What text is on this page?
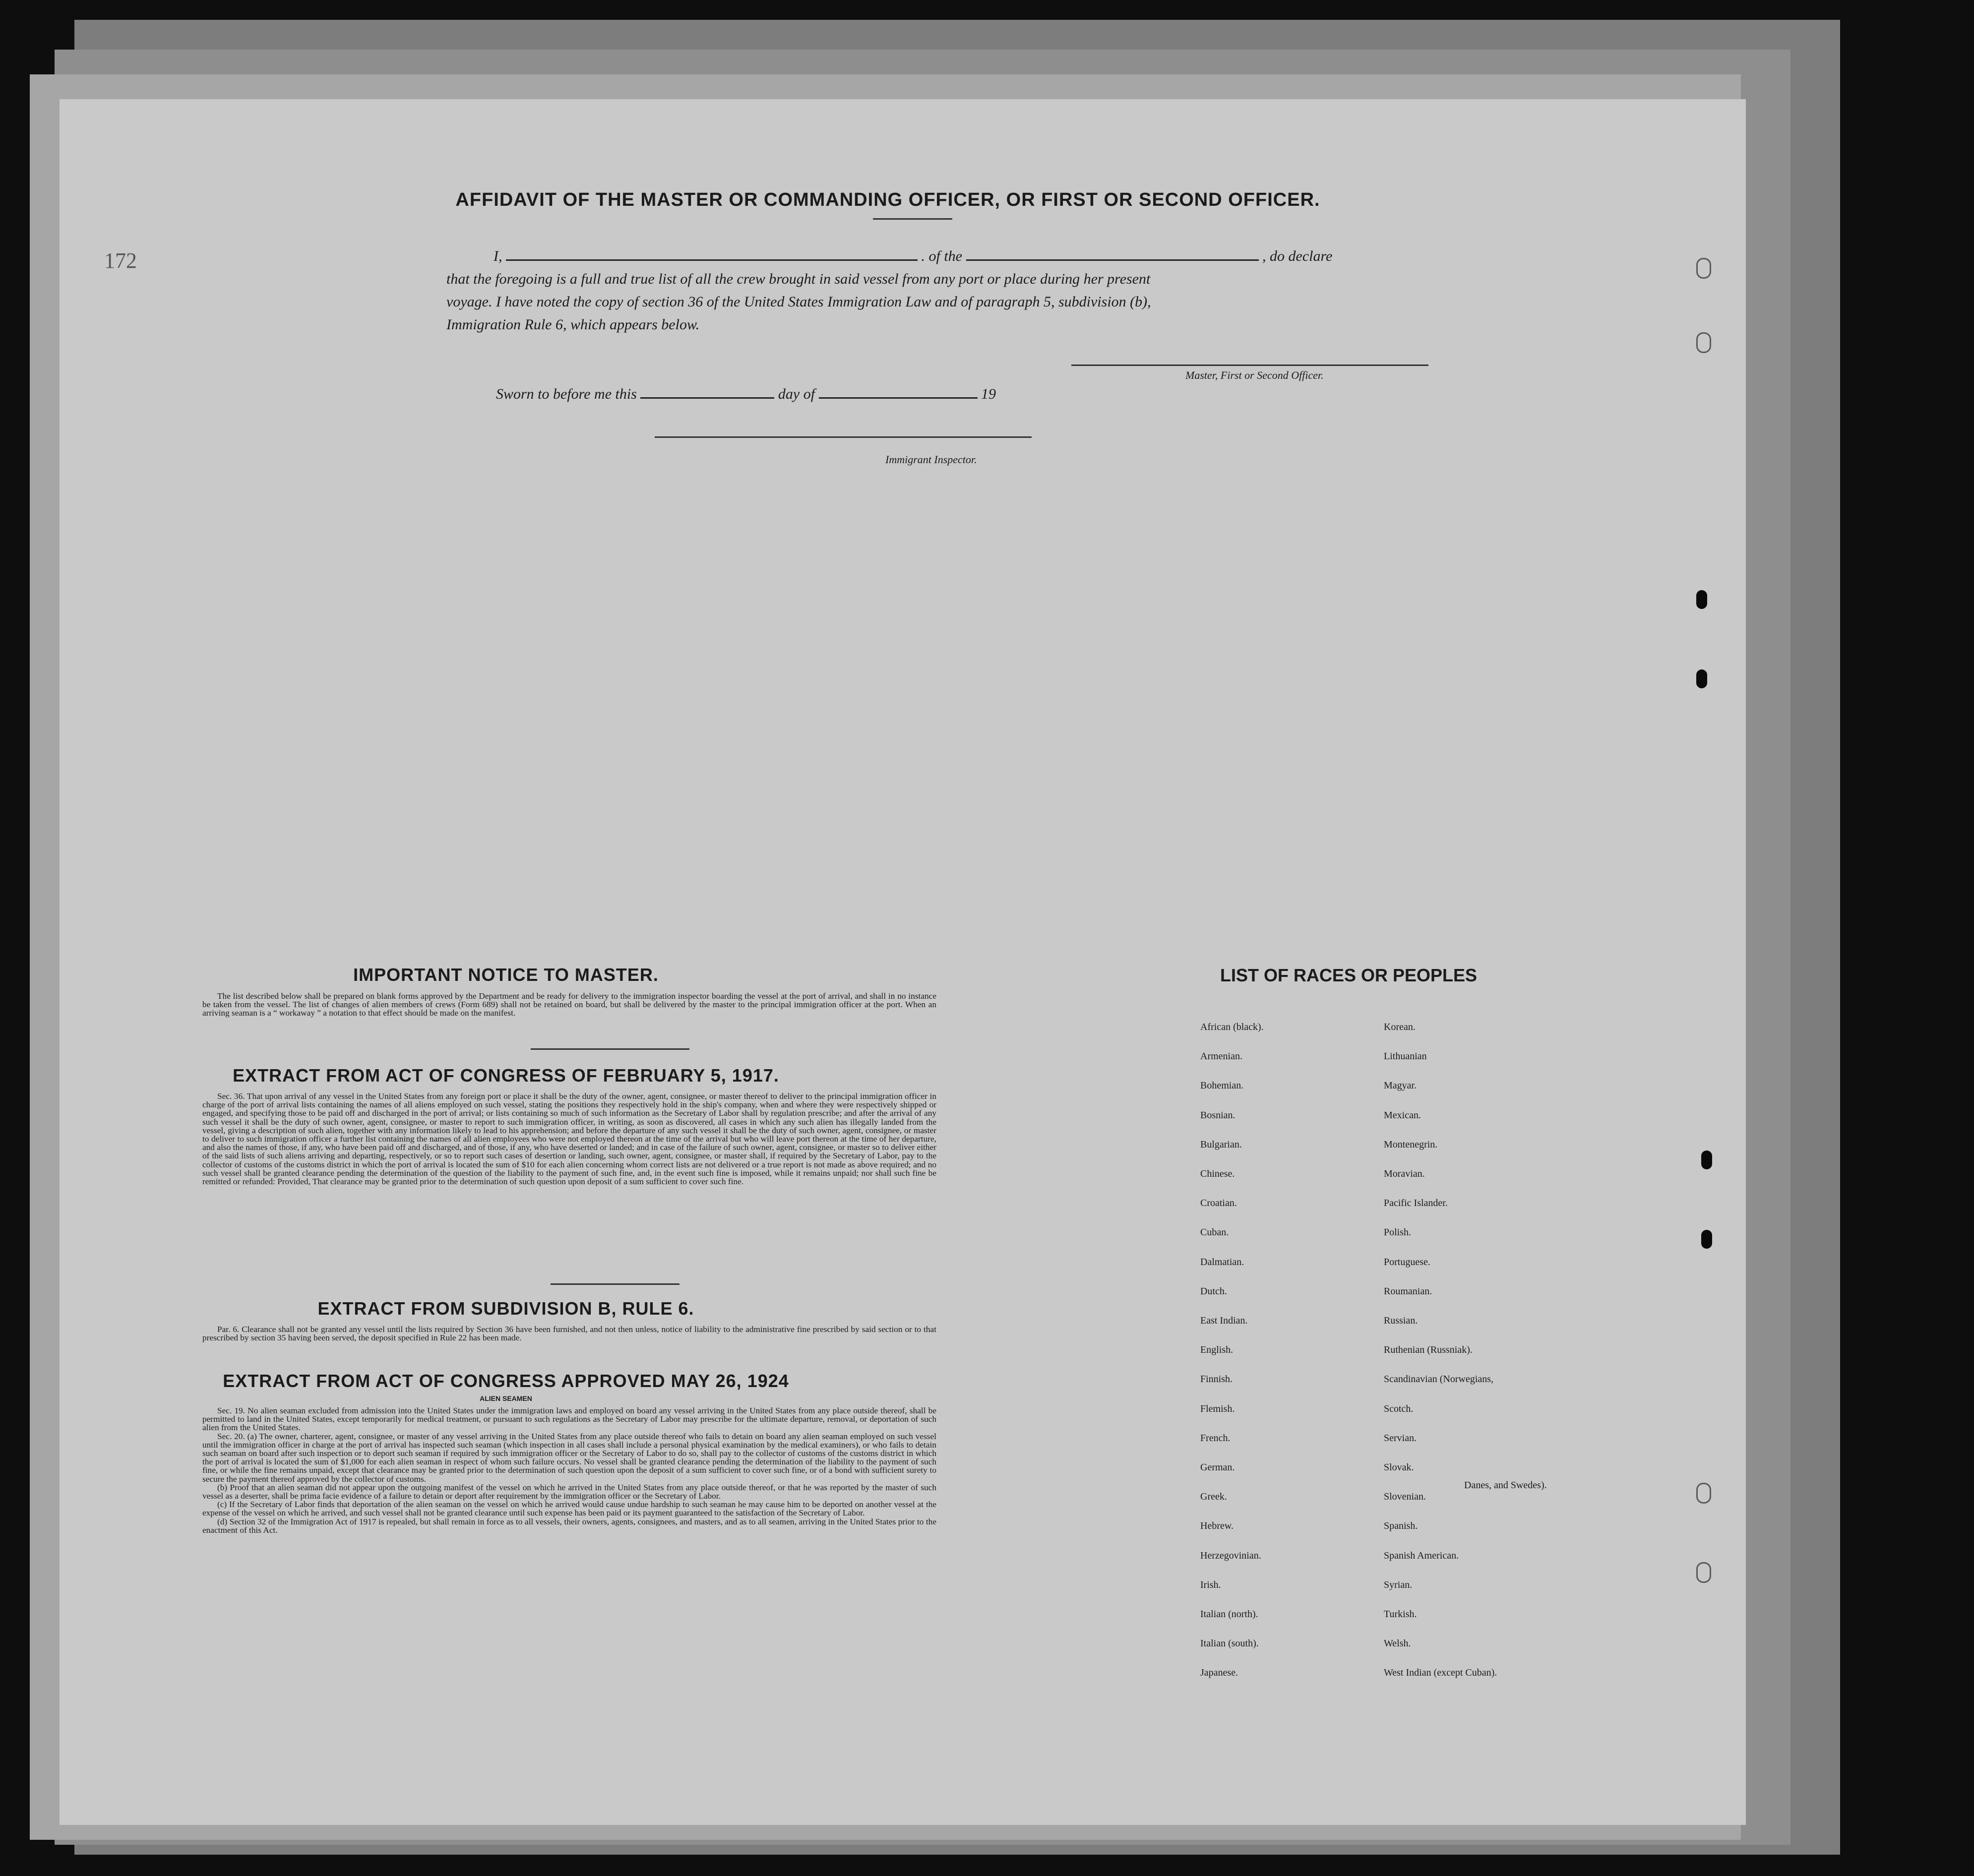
172
AFFIDAVIT OF THE MASTER OR COMMANDING OFFICER, OR FIRST OR SECOND OFFICER.
I,	. of the	, do declare
that the foregoing is a full and true list of all the crew brought in said vessel from any port or place during her present
voyage. I have noted the copy of section 36 of the United States Immigration Law and of paragraph 5, subdivision (b),
Immigration Rule 6, which appears below.
Master, First or Second Officer.
Sworn to before me this	day of	19
Immigrant Inspector.
IMPORTANT NOTICE TO MASTER.

The list described below shall be prepared on blank forms approved by the Department and be ready for delivery to the immigration inspector boarding the vessel at the port of arrival, and shall in no instance be taken from the vessel. The list of changes of alien members of crews (Form 689) shall not be retained on board, but shall be delivered by the master to the principal immigration officer at the port. When an arriving seaman is a “ workaway ” a notation to that effect should be made on the manifest.

EXTRACT FROM ACT OF CONGRESS OF FEBRUARY 5, 1917.

Sec. 36. That upon arrival of any vessel in the United States from any foreign port or place it shall be the duty of the owner, agent, consignee, or master thereof to deliver to the principal immigration officer in charge of the port of arrival lists containing the names of all aliens employed on such vessel, stating the positions they respectively hold in the ship's company, when and where they were respectively shipped or engaged, and specifying those to be paid off and discharged in the port of arrival; or lists containing so much of such information as the Secretary of Labor shall by regulation prescribe; and after the arrival of any such vessel it shall be the duty of such owner, agent, consignee, or master to report to such immigration officer, in writing, as soon as discovered, all cases in which any such alien has illegally landed from the vessel, giving a description of such alien, together with any information likely to lead to his apprehension; and before the departure of any such vessel it shall be the duty of such owner, agent, consignee, or master to deliver to such immigration officer a further list containing the names of all alien employees who were not employed thereon at the time of the arrival but who will leave port thereon at the time of her departure, and also the names of those, if any, who have been paid off and discharged, and of those, if any, who have deserted or landed; and in case of the failure of such owner, agent, consignee, or master so to deliver either of the said lists of such aliens arriving and departing, respectively, or so to report such cases of desertion or landing, such owner, agent, consignee, or master shall, if required by the Secretary of Labor, pay to the collector of customs of the customs district in which the port of arrival is located the sum of $10 for each alien concerning whom correct lists are not delivered or a true report is not made as above required; and no such vessel shall be granted clearance pending the determination of the question of the liability to the payment of such fine, and, in the event such fine is imposed, while it remains unpaid; nor shall such fine be remitted or refunded: Provided, That clearance may be granted prior to the determination of such question upon deposit of a sum sufficient to cover such fine.

EXTRACT FROM SUBDIVISION B, RULE 6.

Par. 6. Clearance shall not be granted any vessel until the lists required by Section 36 have been furnished, and not then unless, notice of liability to the administrative fine prescribed by said section or to that prescribed by section 35 having been served, the deposit specified in Rule 22 has been made.

EXTRACT FROM ACT OF CONGRESS APPROVED MAY 26, 1924
ALIEN SEAMEN

Sec. 19. No alien seaman excluded from admission into the United States under the immigration laws and employed on board any vessel arriving in the United States from any place outside thereof, shall be permitted to land in the United States, except temporarily for medical treatment, or pursuant to such regulations as the Secretary of Labor may prescribe for the ultimate departure, removal, or deportation of such alien from the United States.

Sec. 20. (a) The owner, charterer, agent, consignee, or master of any vessel arriving in the United States from any place outside thereof who fails to detain on board any alien seaman employed on such vessel until the immigration officer in charge at the port of arrival has inspected such seaman (which inspection in all cases shall include a personal physical examination by the medical examiners), or who fails to detain such seaman on board after such inspection or to deport such seaman if required by such immigration officer or the Secretary of Labor to do so, shall pay to the collector of customs of the customs district in which the port of arrival is located the sum of $1,000 for each alien seaman in respect of whom such failure occurs. No vessel shall be granted clearance pending the determination of the liability to the payment of such fine, or while the fine remains unpaid, except that clearance may be granted prior to the determination of such question upon the deposit of a sum sufficient to cover such fine, or of a bond with sufficient surety to secure the payment thereof approved by the collector of customs.

(b) Proof that an alien seaman did not appear upon the outgoing manifest of the vessel on which he arrived in the United States from any place outside thereof, or that he was reported by the master of such vessel as a deserter, shall be prima facie evidence of a failure to detain or deport after requirement by the immigration officer or the Secretary of Labor.

(c) If the Secretary of Labor finds that deportation of the alien seaman on the vessel on which he arrived would cause undue hardship to such seaman he may cause him to be deported on another vessel at the expense of the vessel on which he arrived, and such vessel shall not be granted clearance until such expense has been paid or its payment guaranteed to the satisfaction of the Secretary of Labor.

(d) Section 32 of the Immigration Act of 1917 is repealed, but shall remain in force as to all vessels, their owners, agents, consignees, and masters, and as to all seamen, arriving in the United States prior to the enactment of this Act.

LIST OF RACES OR PEOPLES
African (black).
Armenian.
Bohemian.
Bosnian.
Bulgarian.
Chinese.
Croatian.
Cuban.
Dalmatian.
Dutch.
East Indian.
English.
Finnish.
Flemish.
French.
German.
Greek.
Hebrew.
Herzegovinian.
Irish.
Italian (north).
Italian (south).
Japanese.
Korean.
Lithuanian
Magyar.
Mexican.
Montenegrin.
Moravian.
Pacific Islander.
Polish.
Portuguese.
Roumanian.
Russian.
Ruthenian (Russniak).
Scandinavian (Norwegians,
Scotch.
Servian.
Slovak.
Slovenian.
Spanish.
Spanish American.
Syrian.
Turkish.
Welsh.
West Indian (except Cuban).
Danes, and Swedes).
